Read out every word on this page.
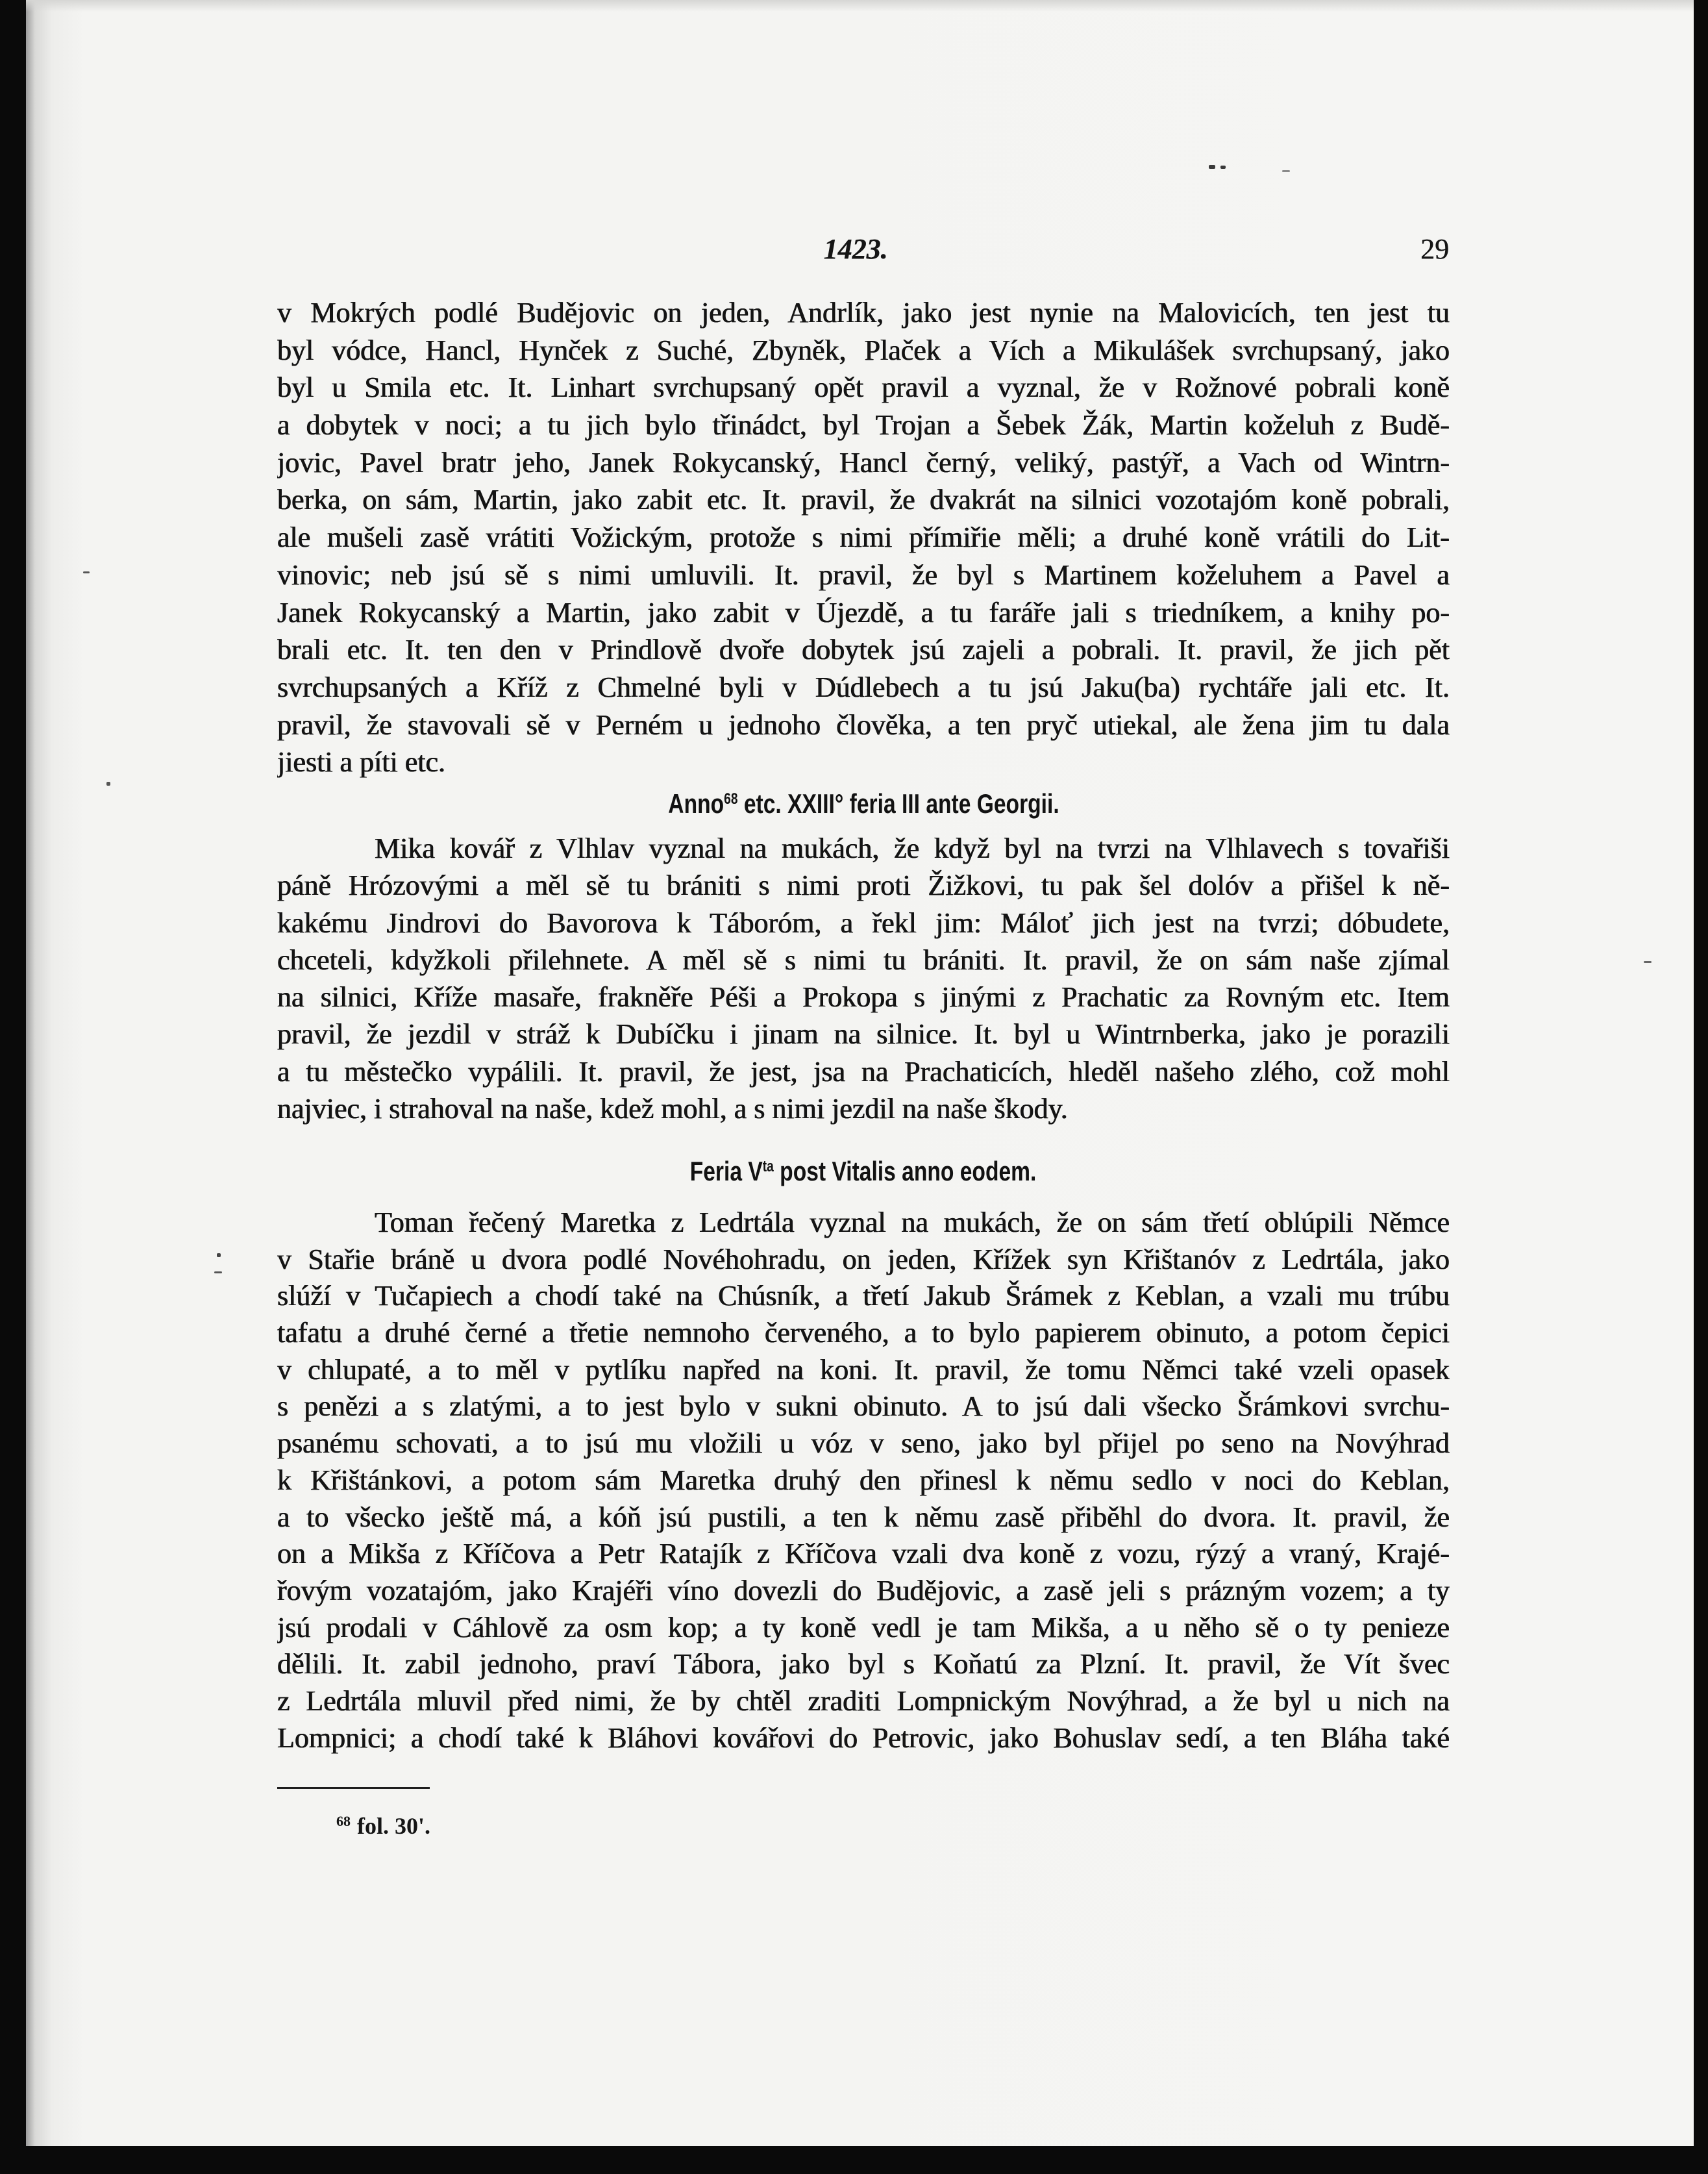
1423.	29
v Mokrých podlé Budějovic on jeden, Andrlík, jako jest nynie na Malovicích, ten jest tu
byl vódce, Hancl, Hynček z Suché, Zbyněk, Plaček a Vích a Mikulášek svrchupsaný, jako
byl u Smila etc. It. Linhart svrchupsaný opět pravil a vyznal, že v Rožnové pobrali koně
a dobytek v noci; a tu jich bylo třinádct, byl Trojan a Šebek Žák, Martin koželuh z Budě-
jovic, Pavel bratr jeho, Janek Rokycanský, Hancl černý, veliký, pastýř, a Vach od Wintrn-
berka, on sám, Martin, jako zabit etc. It. pravil, že dvakrát na silnici vozotajóm koně pobrali,
ale mušeli zasě vrátiti Vožickým, protože s nimi přímiřie měli; a druhé koně vrátili do Lit-
vinovic; neb jsú sě s nimi umluvili. It. pravil, že byl s Martinem koželuhem a Pavel a
Janek Rokycanský a Martin, jako zabit v Újezdě, a tu faráře jali s triedníkem, a knihy po-
brali etc. It. ten den v Prindlově dvoře dobytek jsú zajeli a pobrali. It. pravil, že jich pět
svrchupsaných a Kříž z Chmelné byli v Dúdlebech a tu jsú Jaku(ba) rychtáře jali etc. It.
pravil, že stavovali sě v Perném u jednoho člověka, a ten pryč utiekal, ale žena jim tu dala
jiesti a píti etc.
Anno$^{68}$ etc. XXIII° feria III ante Georgii.
Mika kovář z Vlhlav vyznal na mukách, že když byl na tvrzi na Vlhlavech s tovařiši
páně Hrózovými a měl sě tu brániti s nimi proti Žižkovi, tu pak šel dolóv a přišel k ně-
kakému Jindrovi do Bavorova k Táboróm, a řekl jim: Máloť jich jest na tvrzi; dóbudete,
chceteli, kdyžkoli přilehnete. A měl sě s nimi tu brániti. It. pravil, že on sám naše zjímal
na silnici, Kříže masaře, frakněře Péši a Prokopa s jinými z Prachatic za Rovným etc. Item
pravil, že jezdil v stráž k Dubíčku i jinam na silnice. It. byl u Wintrnberka, jako je porazili
a tu městečko vypálili. It. pravil, že jest, jsa na Prachaticích, hleděl našeho zlého, což mohl
najviec, i strahoval na naše, kdež mohl, a s nimi jezdil na naše škody.
Feria $V^{ta}$ post Vitalis anno eodem.
Toman řečený Maretka z Ledrtála vyznal na mukách, že on sám třetí oblúpili Němce
v Stařie bráně u dvora podlé Novéhohradu, on jeden, Křížek syn Křištanóv z Ledrtála, jako
slúží v Tučapiech a chodí také na Chúsník, a třetí Jakub Šrámek z Keblan, a vzali mu trúbu
tafatu a druhé černé a třetie nemnoho červeného, a to bylo papierem obinuto, a potom čepici
v chlupaté, a to měl v pytlíku napřed na koni. It. pravil, že tomu Němci také vzeli opasek
s penězi a s zlatými, a to jest bylo v sukni obinuto. A to jsú dali všecko Šrámkovi svrchu-
psanému schovati, a to jsú mu vložili u vóz v seno, jako byl přijel po seno na Novýhrad
k Křištánkovi, a potom sám Maretka druhý den přinesl k němu sedlo v noci do Keblan,
a to všecko ještě má, a kóň jsú pustili, a ten k němu zasě přiběhl do dvora. It. pravil, že
on a Mikša z Kříčova a Petr Ratajík z Kříčova vzali dva koně z vozu, rýzý a vraný, Krajé-
řovým vozatajóm, jako Krajéři víno dovezli do Budějovic, a zasě jeli s prázným vozem; a ty
jsú prodali v Cáhlově za osm kop; a ty koně vedl je tam Mikša, a u něho sě o ty penieze
dělili. It. zabil jednoho, praví Tábora, jako byl s Koňatú za Plzní. It. pravil, že Vít švec
z Ledrtála mluvil před nimi, že by chtěl zraditi Lompnickým Novýhrad, a že byl u nich na
Lompnici; a chodí také k Bláhovi kovářovi do Petrovic, jako Bohuslav sedí, a ten Bláha také
$^{68}$ fol. 30'.
